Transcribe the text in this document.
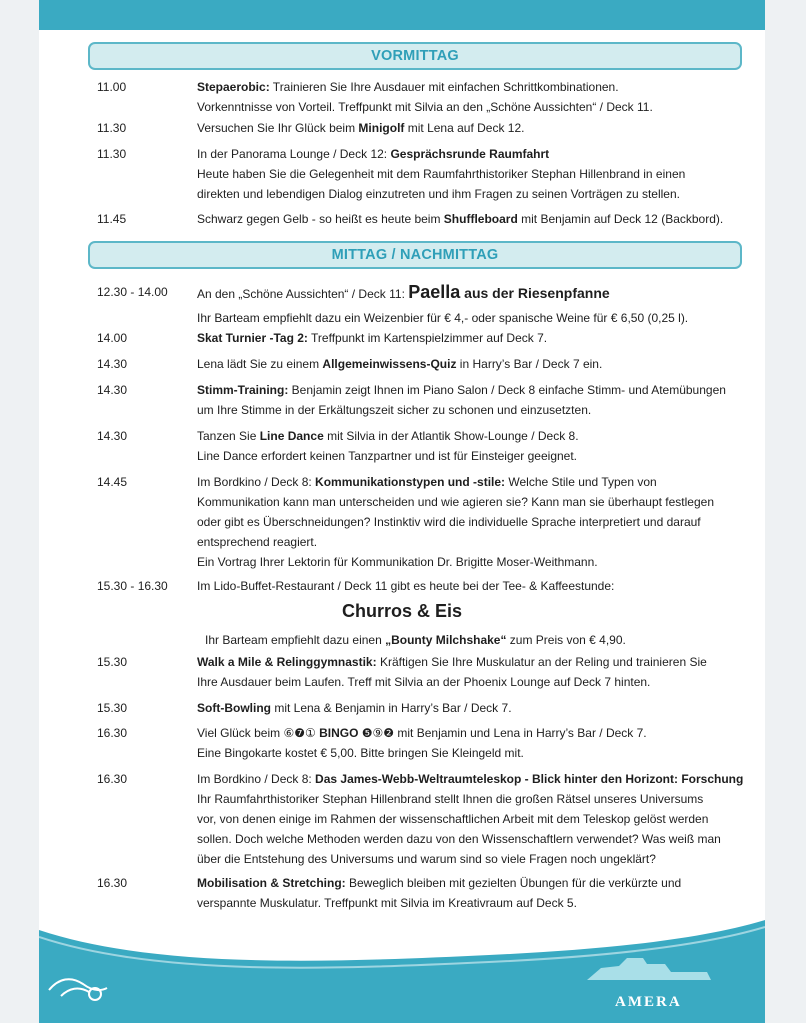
VORMITTAG
11.00	Stepaerobic: Trainieren Sie Ihre Ausdauer mit einfachen Schrittkombinationen.
Vorkenntnisse von Vorteil. Treffpunkt mit Silvia an den „Schöne Aussichten“ / Deck 11.
11.30	Versuchen Sie Ihr Glück beim Minigolf mit Lena auf Deck 12.
11.30	In der Panorama Lounge / Deck 12: Gesprächsrunde Raumfahrt
Heute haben Sie die Gelegenheit mit dem Raumfahrthistoriker Stephan Hillenbrand in einen
direkten und lebendigen Dialog einzutreten und ihm Fragen zu seinen Vorträgen zu stellen.
11.45	Schwarz gegen Gelb - so heißt es heute beim Shuffleboard mit Benjamin auf Deck 12 (Backbord).
MITTAG / NACHMITTAG
12.30 - 14.00	An den „Schöne Aussichten“ / Deck 11: Paella aus der Riesenpfanne
Ihr Barteam empfiehlt dazu ein Weizenbier für € 4,- oder spanische Weine für € 6,50 (0,25 l).
14.00	Skat Turnier -Tag 2: Treffpunkt im Kartenspielzimmer auf Deck 7.
14.30	Lena lädt Sie zu einem Allgemeinwissens-Quiz in Harry’s Bar / Deck 7 ein.
14.30	Stimm-Training: Benjamin zeigt Ihnen im Piano Salon / Deck 8 einfache Stimm- und Atemübungen
um Ihre Stimme in der Erkältungszeit sicher zu schonen und einzusetzten.
14.30	Tanzen Sie Line Dance mit Silvia in der Atlantik Show-Lounge / Deck 8.
Line Dance erfordert keinen Tanzpartner und ist für Einsteiger geeignet.
14.45	Im Bordkino / Deck 8: Kommunikationstypen und -stile: Welche Stile und Typen von
Kommunikation kann man unterscheiden und wie agieren sie? Kann man sie überhaupt festlegen
oder gibt es Überschneidungen? Instinktiv wird die individuelle Sprache interpretiert und darauf
entsprechend reagiert.
Ein Vortrag Ihrer Lektorin für Kommunikation Dr. Brigitte Moser-Weithmann.
15.30 - 16.30	Im Lido-Buffet-Restaurant / Deck 11 gibt es heute bei der Tee- & Kaffeestunde:
Churros & Eis
Ihr Barteam empfiehlt dazu einen „Bounty Milchshake“ zum Preis von € 4,90.
15.30	Walk a Mile & Relinggymnastik: Kräftigen Sie Ihre Muskulatur an der Reling und trainieren Sie
Ihre Ausdauer beim Laufen. Treff mit Silvia an der Phoenix Lounge auf Deck 7 hinten.
15.30	Soft-Bowling mit Lena & Benjamin in Harry’s Bar / Deck 7.
16.30	Viel Glück beim ⑥❼① BINGO ❺⑨❷ mit Benjamin und Lena in Harry’s Bar / Deck 7.
Eine Bingokarte kostet € 5,00. Bitte bringen Sie Kleingeld mit.
16.30	Im Bordkino / Deck 8: Das James-Webb-Weltraumteleskop - Blick hinter den Horizont: Forschung
Ihr Raumfahrthistoriker Stephan Hillenbrand stellt Ihnen die großen Rätsel unseres Universums
vor, von denen einige im Rahmen der wissenschaftlichen Arbeit mit dem Teleskop gelöst werden
sollen. Doch welche Methoden werden dazu von den Wissenschaftlern verwendet? Was weiß man
über die Entstehung des Universums und warum sind so viele Fragen noch ungeklärt?
16.30	Mobilisation & Stretching: Beweglich bleiben mit gezielten Übungen für die verkürzte und
verspannte Muskulatur. Treffpunkt mit Silvia im Kreativraum auf Deck 5.
AMERA
